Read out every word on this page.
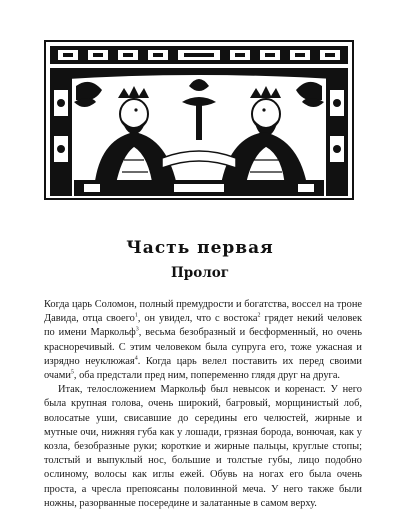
Часть первая
Пролог

Когда царь Соломон, полный премудрости и богатства, воссел на троне Давида, отца своего$^1$, он увидел, что с востока$^2$ грядет некий человек по имени Маркольф$^3$, весьма безобразный и бесформенный, но очень красноречивый. С этим человеком была супруга его, тоже ужасная и изрядно неуклюжая$^4$. Когда царь велел поставить их перед своими очами$^5$, оба предстали пред ним, попеременно глядя друг на друга.

Итак, телосложением Маркольф был невысок и коренаст. У него была крупная голова, очень широкий, багровый, морщинистый лоб, волосатые уши, свисавшие до середины его челюстей, жирные и мутные очи, нижняя губа как у лошади, грязная борода, вонючая, как у козла, безобразные руки; короткие и жирные пальцы, круглые стопы; толстый и выпуклый нос, большие и толстые губы, лицо подобно ослиному, волосы как иглы ежей. Обувь на ногах его была очень проста, а чресла препоясаны половинной меча. У него также были ножны, разорванные посередине и залатанные в самом верху.
